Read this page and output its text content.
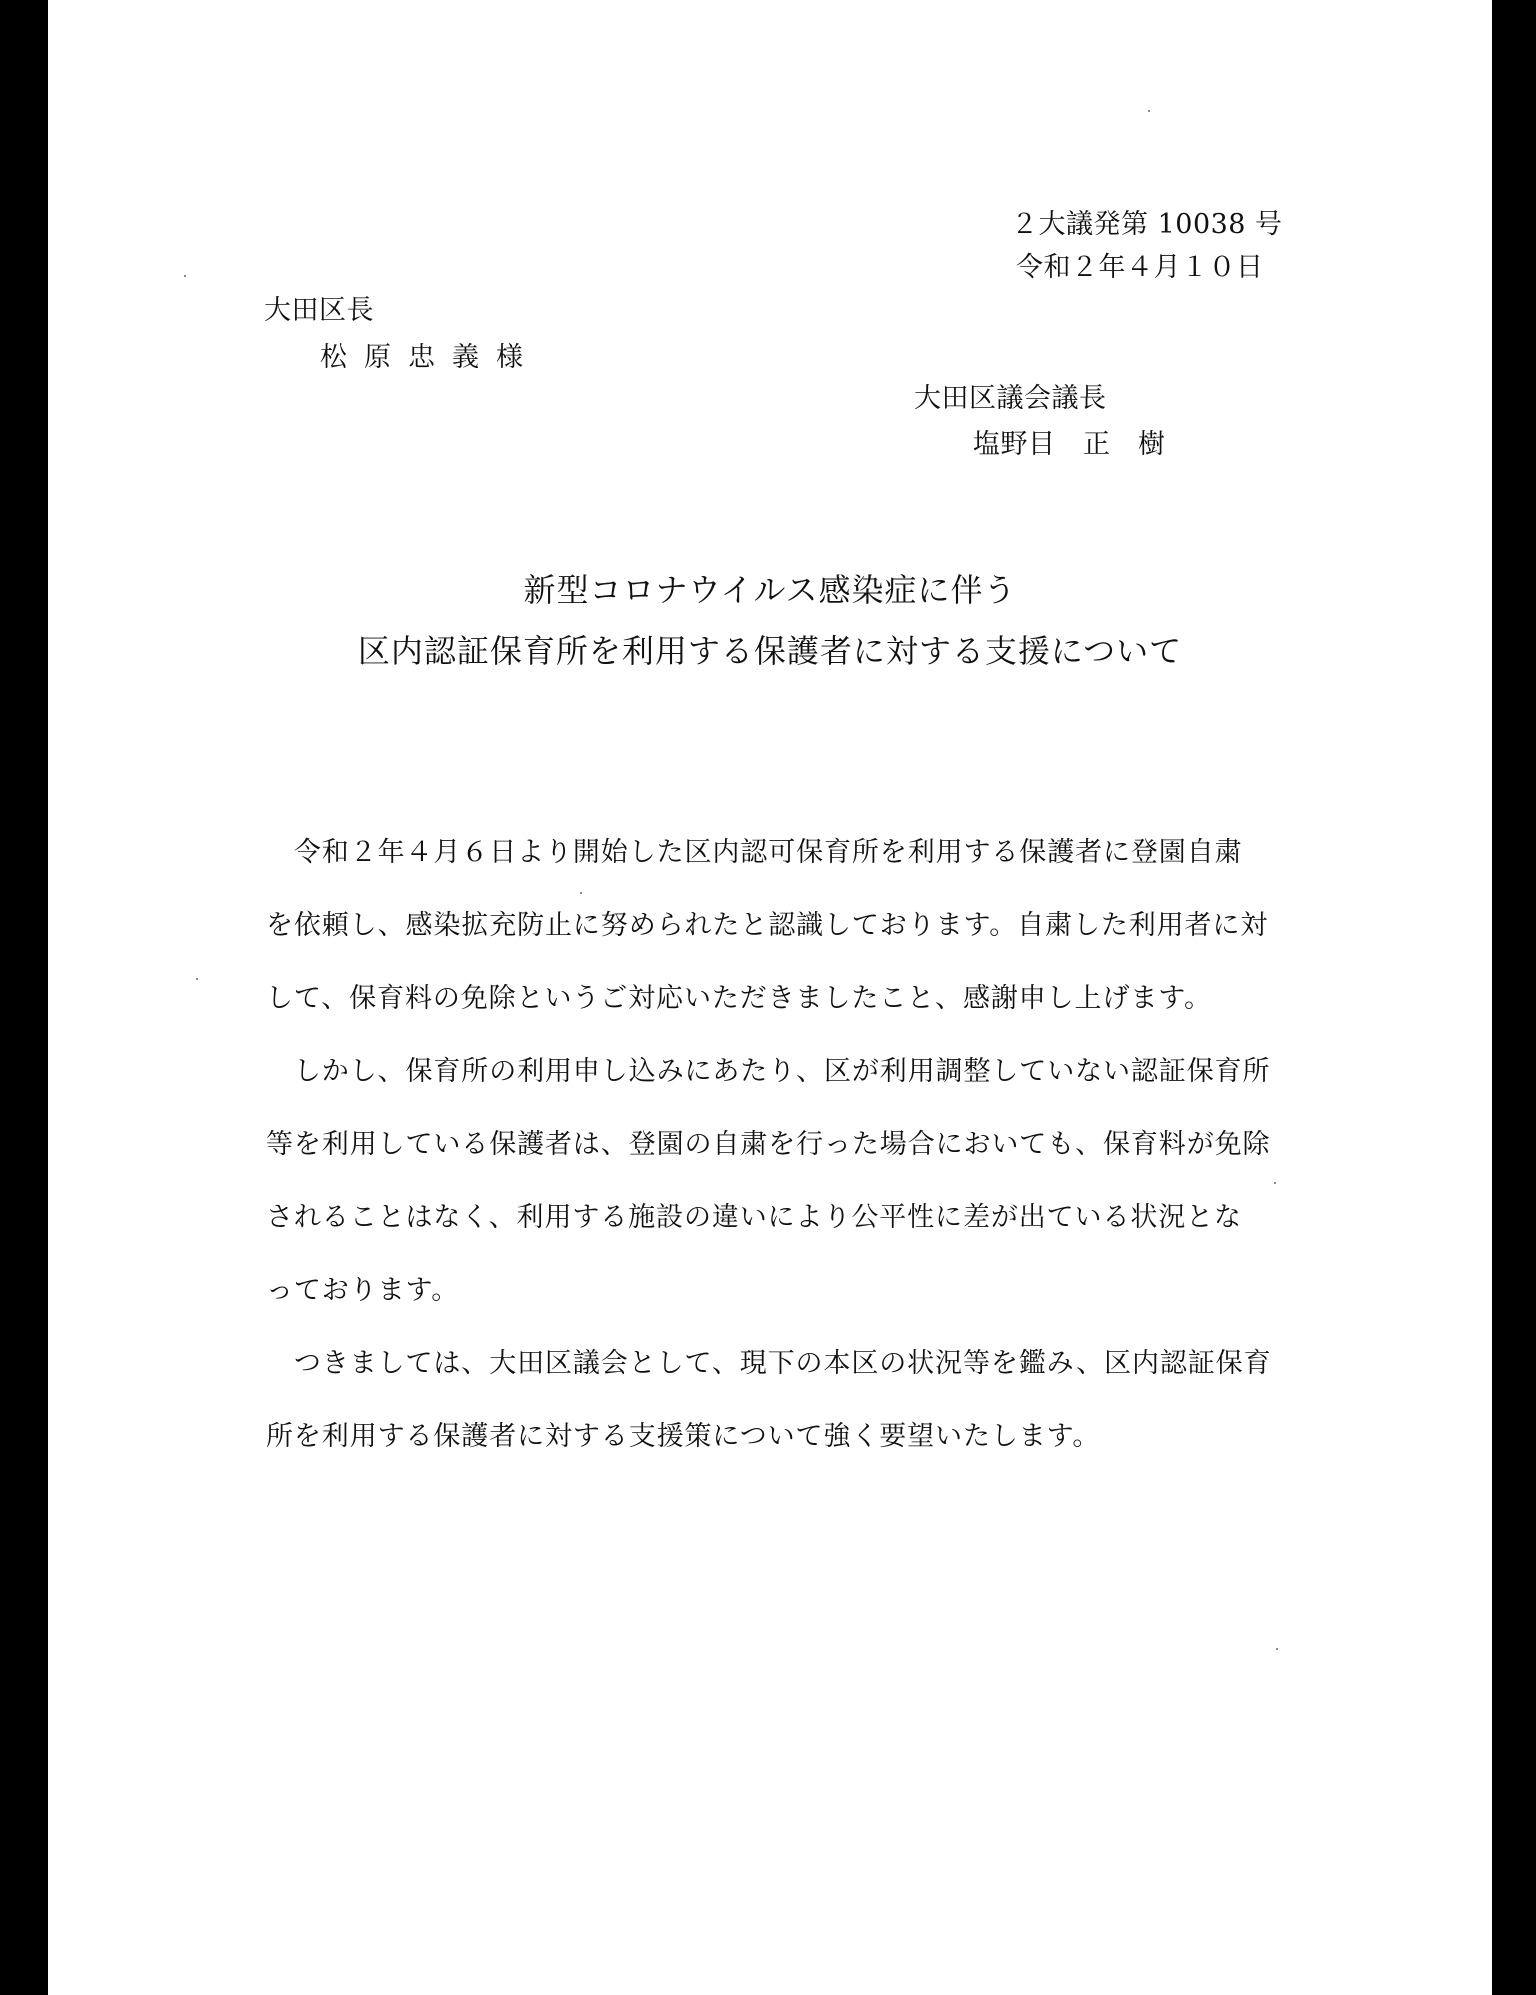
２大議発第 10038 号
令和２年４月１０日
大田区長
松原忠義様
大田区議会議長
塩野目　正　樹
新型コロナウイルス感染症に伴う
区内認証保育所を利用する保護者に対する支援について
　令和２年４月６日より開始した区内認可保育所を利用する保護者に登園自粛
を依頼し、感染拡充防止に努められたと認識しております。自粛した利用者に対
して、保育料の免除というご対応いただきましたこと、感謝申し上げます。
　しかし、保育所の利用申し込みにあたり、区が利用調整していない認証保育所
等を利用している保護者は、登園の自粛を行った場合においても、保育料が免除
されることはなく、利用する施設の違いにより公平性に差が出ている状況とな
っております。
　つきましては、大田区議会として、現下の本区の状況等を鑑み、区内認証保育
所を利用する保護者に対する支援策について強く要望いたします。
